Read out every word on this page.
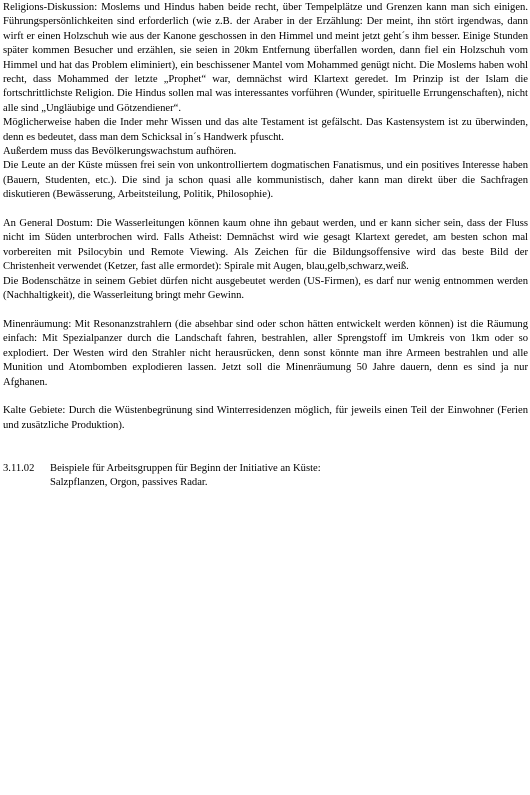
Religions-Diskussion: Moslems und Hindus haben beide recht, über Tempelplätze und Grenzen kann man sich einigen. Führungspersönlichkeiten sind erforderlich (wie z.B. der Araber in der Erzählung: Der meint, ihn stört irgendwas, dann wirft er einen Holzschuh wie aus der Kanone geschossen in den Himmel und meint jetzt geht´s ihm besser. Einige Stunden später kommen Besucher und erzählen, sie seien in 20km Entfernung überfallen worden, dann fiel ein Holzschuh vom Himmel und hat das Problem eliminiert), ein beschissener Mantel vom Mohammed genügt nicht. Die Moslems haben wohl recht, dass Mohammed der letzte „Prophet“ war, demnächst wird Klartext geredet. Im Prinzip ist der Islam die fortschrittlichste Religion. Die Hindus sollen mal was interessantes vorführen (Wunder, spirituelle Errungenschaften), nicht alle sind „Ungläubige und Götzendiener“.

Möglicherweise haben die Inder mehr Wissen und das alte Testament ist gefälscht. Das Kastensystem ist zu überwinden, denn es bedeutet, dass man dem Schicksal in´s Handwerk pfuscht.

Außerdem muss das Bevölkerungswachstum aufhören.

Die Leute an der Küste müssen frei sein von unkontrolliertem dogmatischen Fanatismus, und ein positives Interesse haben (Bauern, Studenten, etc.). Die sind ja schon quasi alle kommunistisch, daher kann man direkt über die Sachfragen diskutieren (Bewässerung, Arbeitsteilung, Politik, Philosophie).

An General Dostum: Die Wasserleitungen können kaum ohne ihn gebaut werden, und er kann sicher sein, dass der Fluss nicht im Süden unterbrochen wird. Falls Atheist: Demnächst wird wie gesagt Klartext geredet, am besten schon mal vorbereiten mit Psilocybin und Remote Viewing. Als Zeichen für die Bildungsoffensive wird das beste Bild der Christenheit verwendet (Ketzer, fast alle ermordet): Spirale mit Augen, blau,gelb,schwarz,weiß.

Die Bodenschätze in seinem Gebiet dürfen nicht ausgebeutet werden (US-Firmen), es darf nur wenig entnommen werden (Nachhaltigkeit), die Wasserleitung bringt mehr Gewinn.

Minenräumung: Mit Resonanzstrahlern (die absehbar sind oder schon hätten entwickelt werden können) ist die Räumung einfach: Mit Spezialpanzer durch die Landschaft fahren, bestrahlen, aller Sprengstoff im Umkreis von 1km oder so explodiert. Der Westen wird den Strahler nicht herausrücken, denn sonst könnte man ihre Armeen bestrahlen und alle Munition und Atombomben explodieren lassen. Jetzt soll die Minenräumung 50 Jahre dauern, denn es sind ja nur Afghanen.

Kalte Gebiete: Durch die Wüstenbegrünung sind Winterresidenzen möglich, für jeweils einen Teil der Einwohner (Ferien und zusätzliche Produktion).

3.11.02	Beispiele für Arbeitsgruppen für Beginn der Initiative an Küste:
Salzpflanzen, Orgon, passives Radar.
